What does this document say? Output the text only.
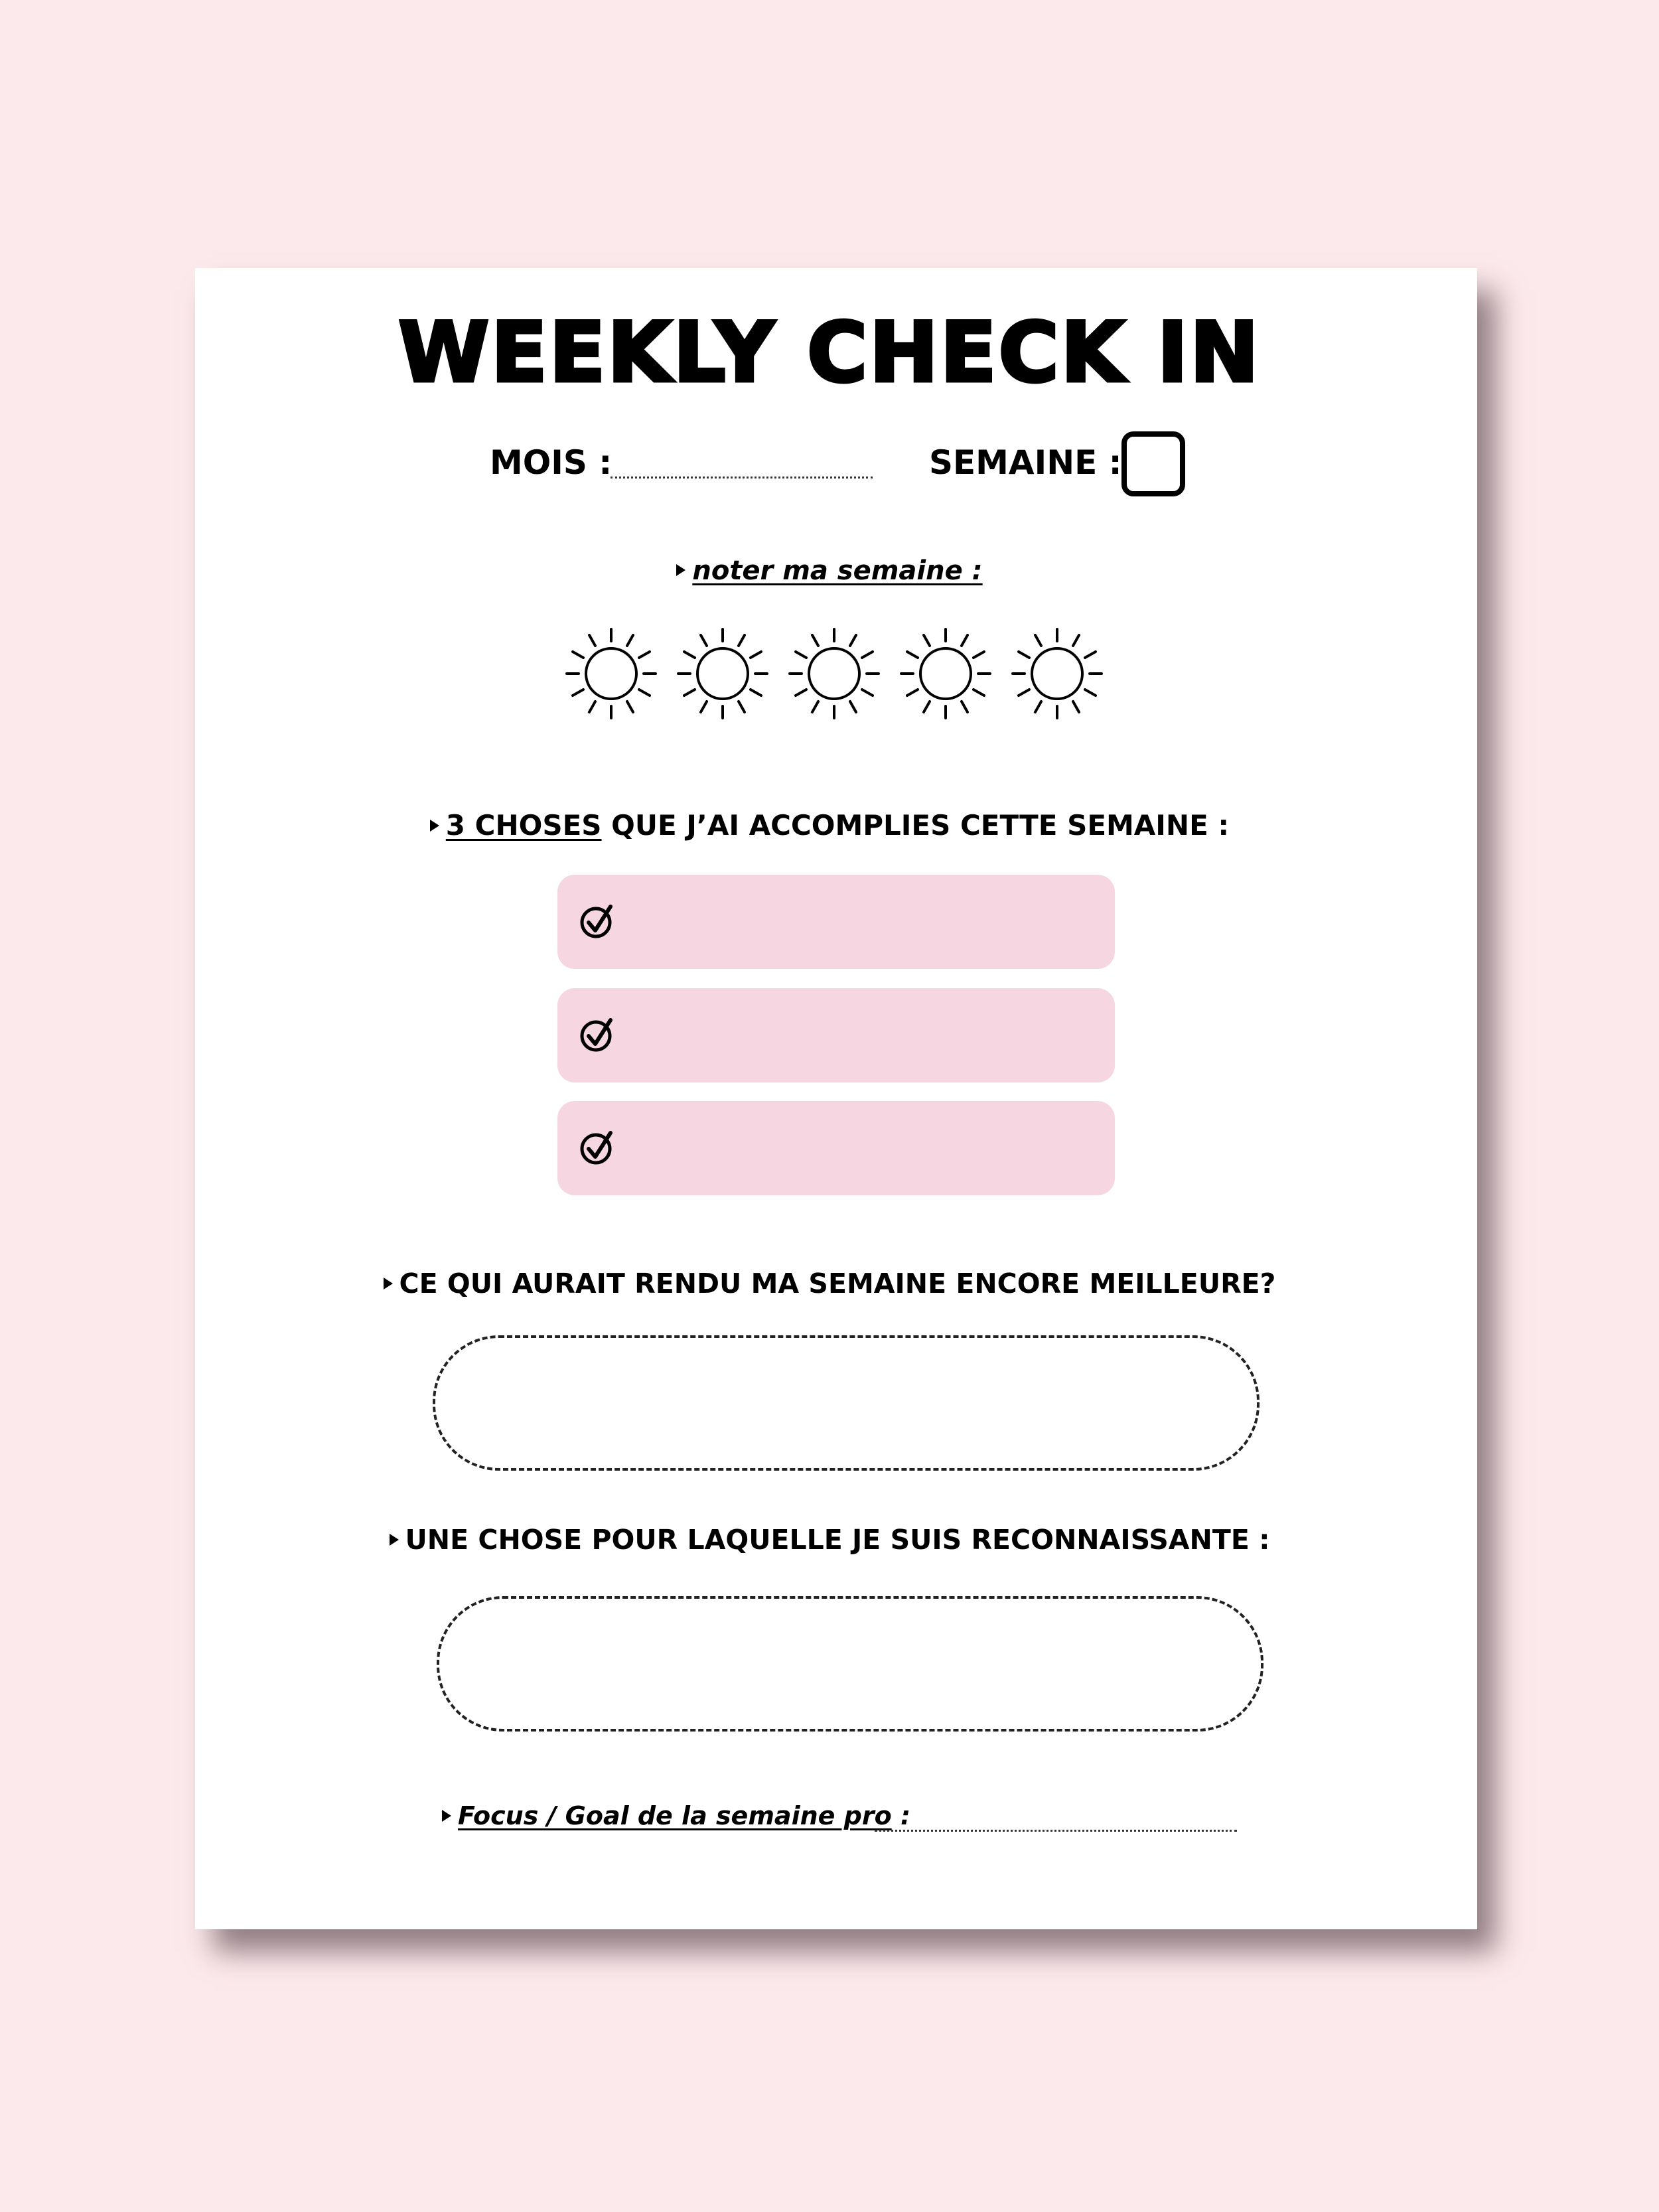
WEEKLY CHECK IN
MOIS :	SEMAINE :
noter ma semaine :
3 CHOSES QUE J’AI ACCOMPLIES CETTE SEMAINE :
CE QUI AURAIT RENDU MA SEMAINE ENCORE MEILLEURE?
UNE CHOSE POUR LAQUELLE JE SUIS RECONNAISSANTE :
Focus / Goal de la semaine pro :
